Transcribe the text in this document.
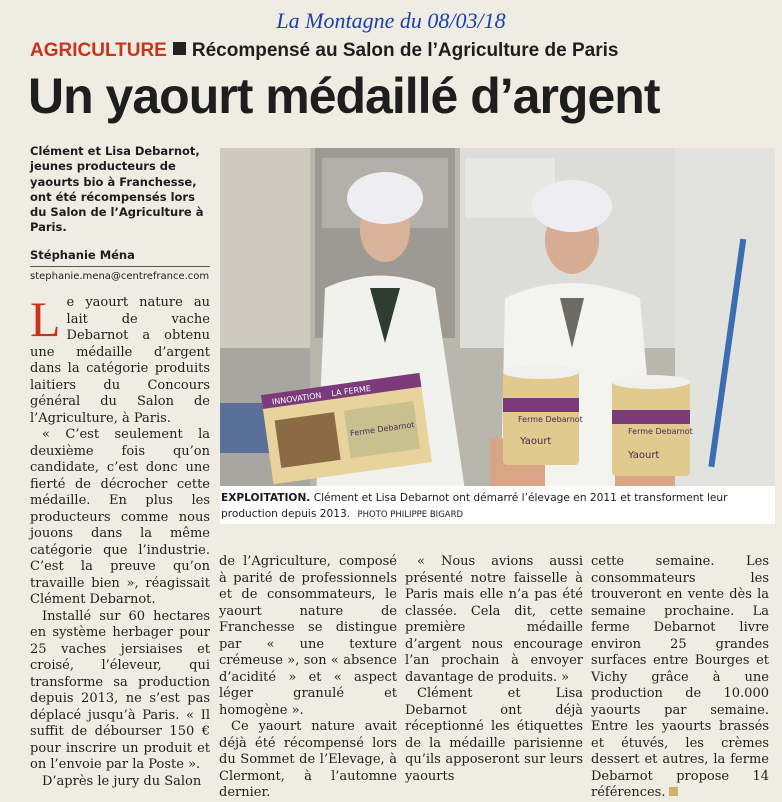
La Montagne du 08/03/18
AGRICULTURE Récompensé au Salon de l’Agriculture de Paris
Un yaourt médaillé d’argent
Clément et Lisa Debarnot, jeunes producteurs de yaourts bio à Franchesse, ont été récompensés lors du Salon de l’Agriculture à Paris.
Stéphanie Ména
stephanie.mena@centrefrance.com
INNOVATION LA FERME
Ferme Debarnot
Ferme Debarnot
Yaourt
Ferme Debarnot
Yaourt
EXPLOITATION. Clément et Lisa Debarnot ont démarré l’élevage en 2011 et transforment leur production depuis 2013. PHOTO PHILIPPE BIGARD

Le yaourt nature au lait de vache Debarnot a obtenu une médaille d’argent dans la catégorie produits laitiers du Concours général du Salon de l’Agriculture, à Paris.

« C’est seulement la deuxième fois qu’on candidate, c’est donc une fierté de décrocher cette médaille. En plus les producteurs comme nous jouons dans la même catégorie que l’industrie. C’est la preuve qu’on travaille bien », réagissait Clément Debarnot.

Installé sur 60 hectares en système herbager pour 25 vaches jersiaises et croisé, l’éleveur, qui transforme sa production depuis 2013, ne s’est pas déplacé jusqu’à Paris. « Il suffit de débourser 150 € pour inscrire un produit et on l’envoie par la Poste ».

D’après le jury du Salon

de l’Agriculture, composé à parité de professionnels et de consommateurs, le yaourt nature de Franchesse se distingue par « une texture crémeuse », son « absence d’acidité » et « aspect léger granulé et homogène ».

Ce yaourt nature avait déjà été récompensé lors du Sommet de l’Elevage, à Clermont, à l’automne dernier.

« Nous avions aussi présenté notre faisselle à Paris mais elle n’a pas été classée. Cela dit, cette première médaille d’argent nous encourage l’an prochain à envoyer davantage de produits. »

Clément et Lisa Debarnot ont déjà réceptionné les étiquettes de la médaille parisienne qu’ils apposeront sur leurs yaourts

cette semaine. Les consommateurs les trouveront en vente dès la semaine prochaine. La ferme Debarnot livre environ 25 grandes surfaces entre Bourges et Vichy grâce à une production de 10.000 yaourts par semaine. Entre les yaourts brassés et étuvés, les crèmes dessert et autres, la ferme Debarnot propose 14 références.
